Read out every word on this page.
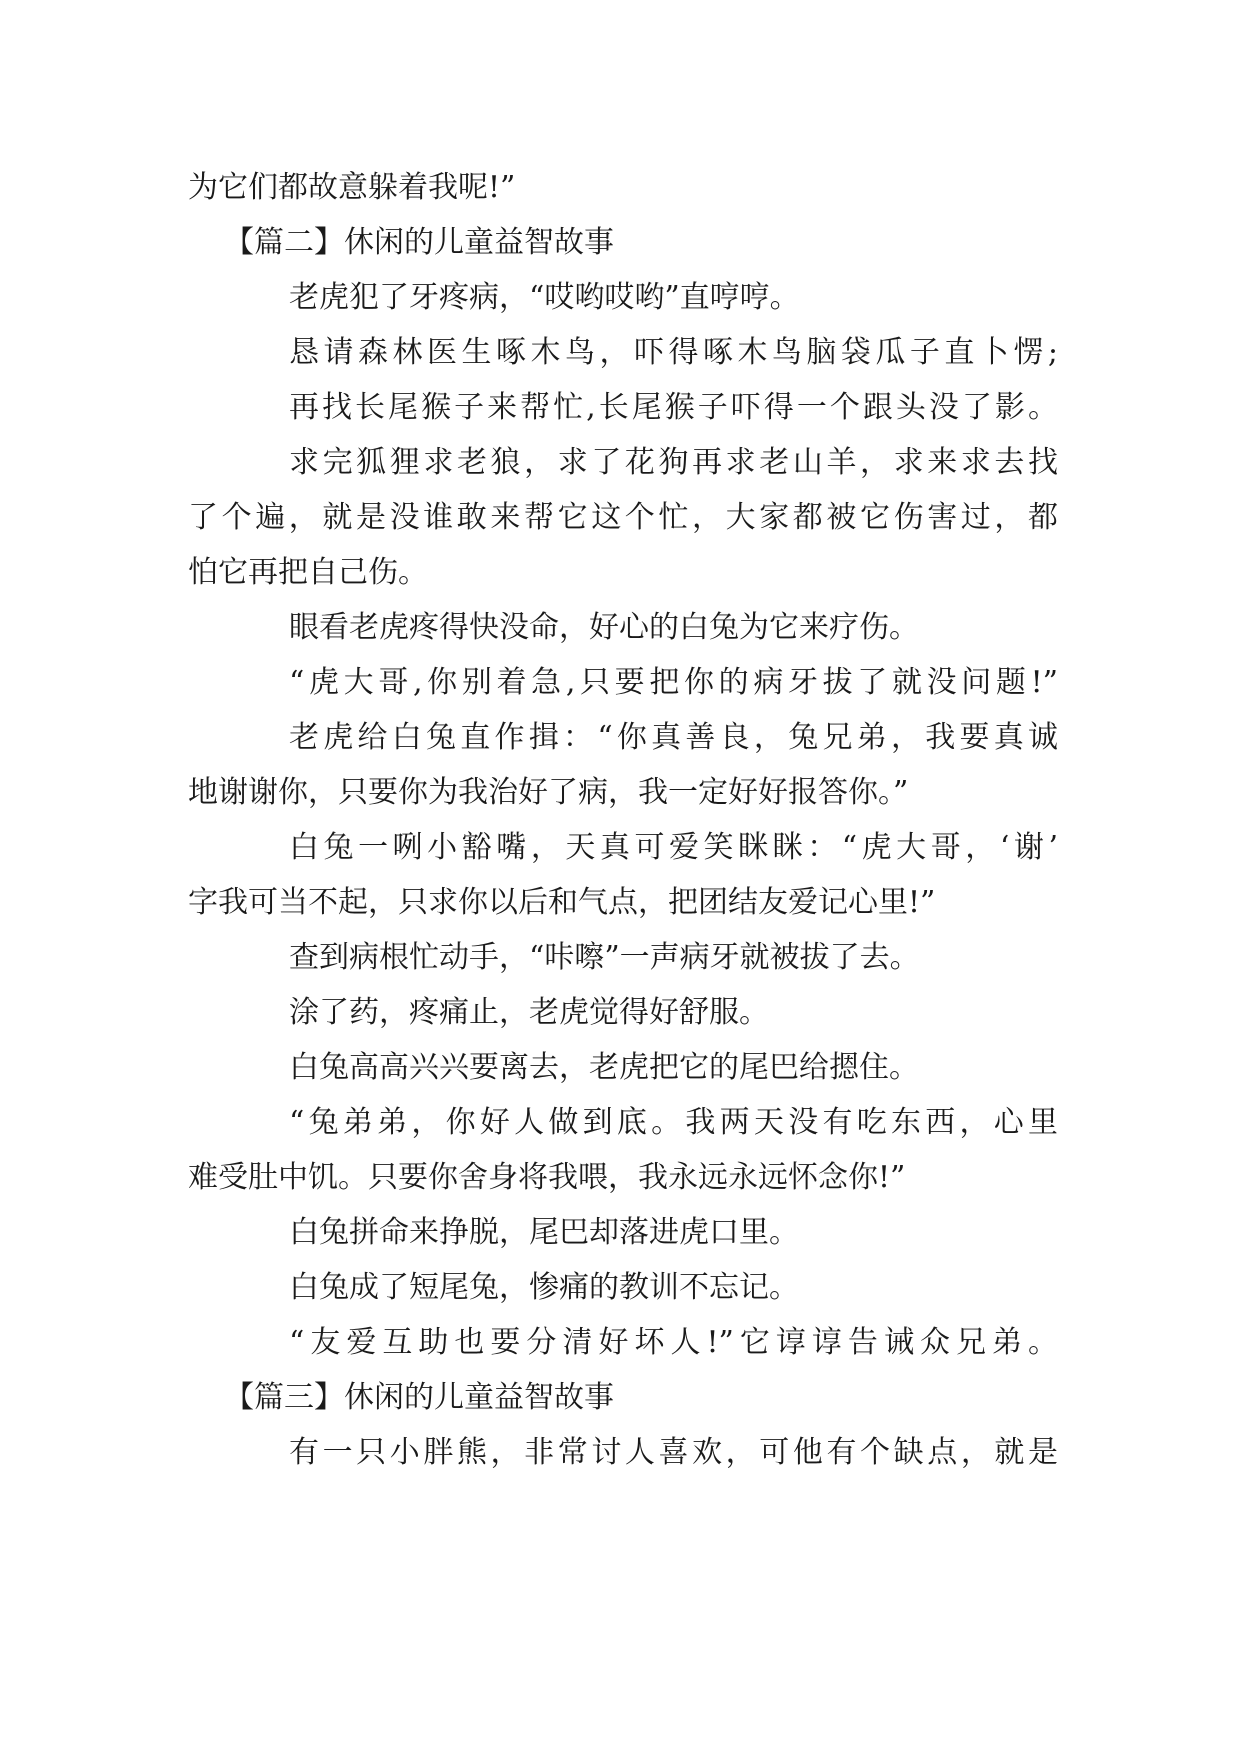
为它们都故意躲着我呢!”
【篇二】休闲的儿童益智故事
老虎犯了牙疼病，“哎哟哎哟”直哼哼。
恳请森林医生啄木鸟，吓得啄木鸟脑袋瓜子直卜愣;
再找长尾猴子来帮忙,长尾猴子吓得一个跟头没了影。
求完狐狸求老狼，求了花狗再求老山羊，求来求去找
了个遍，就是没谁敢来帮它这个忙，大家都被它伤害过，都
怕它再把自己伤。
眼看老虎疼得快没命，好心的白兔为它来疗伤。
“虎大哥,你别着急,只要把你的病牙拔了就没问题!”
老虎给白兔直作揖：“你真善良，兔兄弟，我要真诚
地谢谢你，只要你为我治好了病，我一定好好报答你。”
白兔一咧小豁嘴，天真可爱笑眯眯：“虎大哥，‘谢’
字我可当不起，只求你以后和气点，把团结友爱记心里!”
查到病根忙动手，“咔嚓”一声病牙就被拔了去。
涂了药，疼痛止，老虎觉得好舒服。
白兔高高兴兴要离去，老虎把它的尾巴给摁住。
“兔弟弟，你好人做到底。我两天没有吃东西，心里
难受肚中饥。只要你舍身将我喂，我永远永远怀念你!”
白兔拼命来挣脱，尾巴却落进虎口里。
白兔成了短尾兔，惨痛的教训不忘记。
“友爱互助也要分清好坏人!”它谆谆告诫众兄弟。
【篇三】休闲的儿童益智故事
有一只小胖熊，非常讨人喜欢，可他有个缺点，就是
